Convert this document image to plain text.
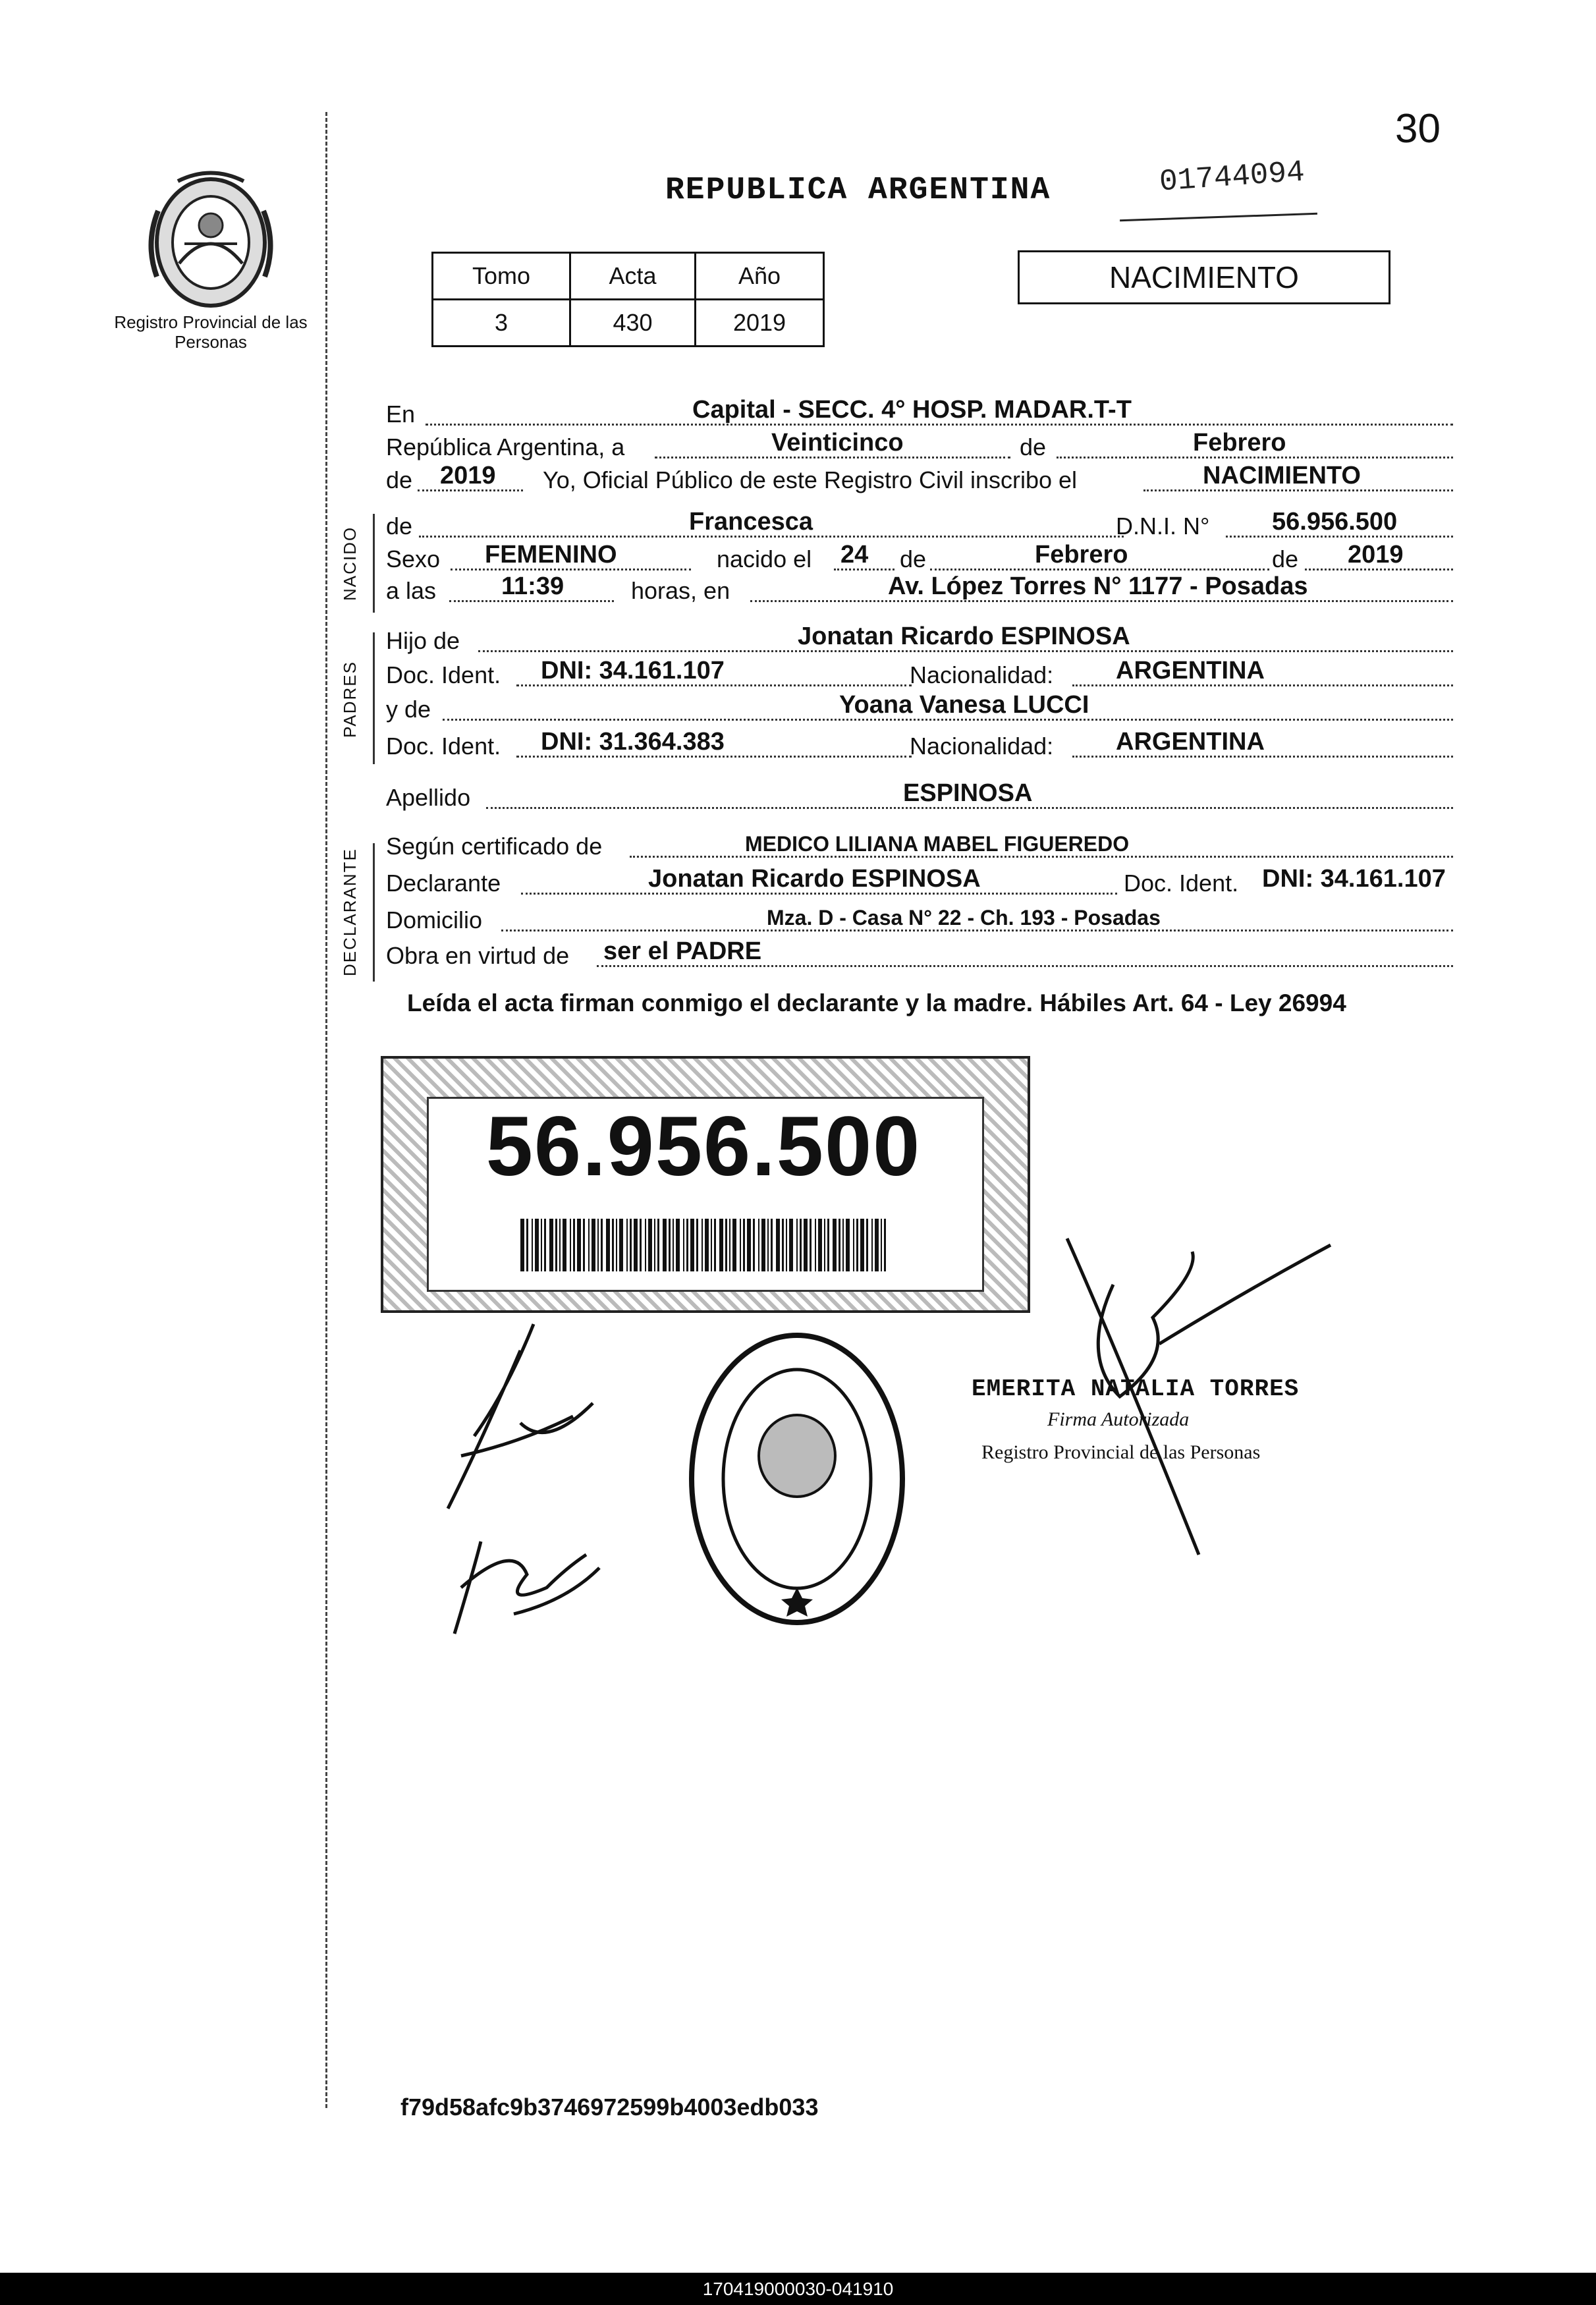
30
Registro Provincial de las Personas
REPUBLICA ARGENTINA	01744094
Tomo	Acta	Año
3	430	2019
NACIMIENTO
NACIDO
PADRES
DECLARANTE
En	Capital - SECC. 4° HOSP. MADAR.T-T
República Argentina, a	Veinticinco	de	Febrero
de 2019 Yo, Oficial Público de este Registro Civil inscribo el	NACIMIENTO
de	Francesca	D.N.I. N° 56.956.500
Sexo FEMENINO	nacido el 24 de	Febrero	de 2019
a las	11:39	horas, en	Av. López Torres N° 1177 - Posadas
Hijo de	Jonatan Ricardo ESPINOSA
Doc. Ident. DNI: 34.161.107	Nacionalidad: ARGENTINA
y de	Yoana Vanesa LUCCI
Doc. Ident. DNI: 31.364.383	Nacionalidad: ARGENTINA
Apellido	ESPINOSA
Según certificado de	MEDICO LILIANA MABEL FIGUEREDO
Declarante	Jonatan Ricardo ESPINOSA	Doc. Ident. DNI: 34.161.107
Domicilio	Mza. D - Casa N° 22 - Ch. 193 - Posadas
Obra en virtud de ser el PADRE
Leída el acta firman conmigo el declarante y la madre. Hábiles Art. 64 - Ley 26994
56.956.500
EMERITA NATALIA TORRES
Firma Autorizada
Registro Provincial de las Personas
f79d58afc9b3746972599b4003edb033
170419000030-041910
